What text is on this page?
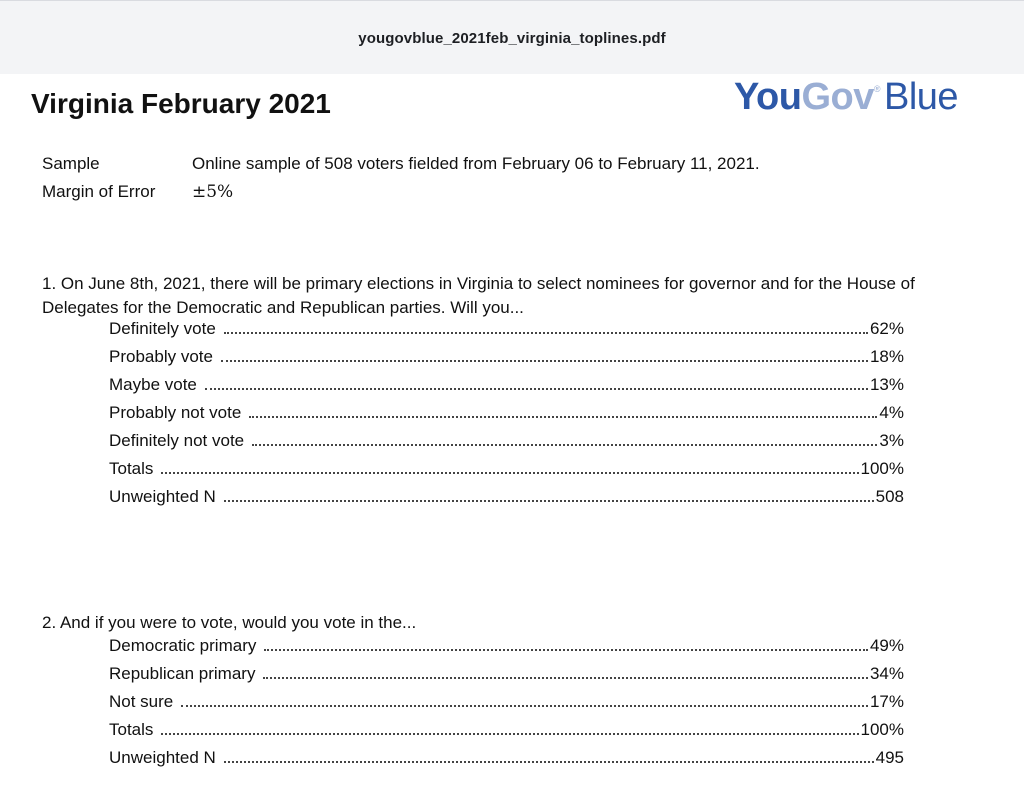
yougovblue_2021feb_virginia_toplines.pdf
Virginia February 2021	YouGov® Blue
Sample	Online sample of 508 voters fielded from February 06 to February 11, 2021.
Margin of Error ±5%
1. On June 8th, 2021, there will be primary elections in Virginia to select nominees for governor and for the House of Delegates for the Democratic and Republican parties. Will you...
Definitely vote	62%
Probably vote	18%
Maybe vote	13%
Probably not vote	4%
Definitely not vote	3%
Totals	100%
Unweighted N	508
2. And if you were to vote, would you vote in the...
Democratic primary	49%
Republican primary	34%
Not sure	17%
Totals	100%
Unweighted N	495
